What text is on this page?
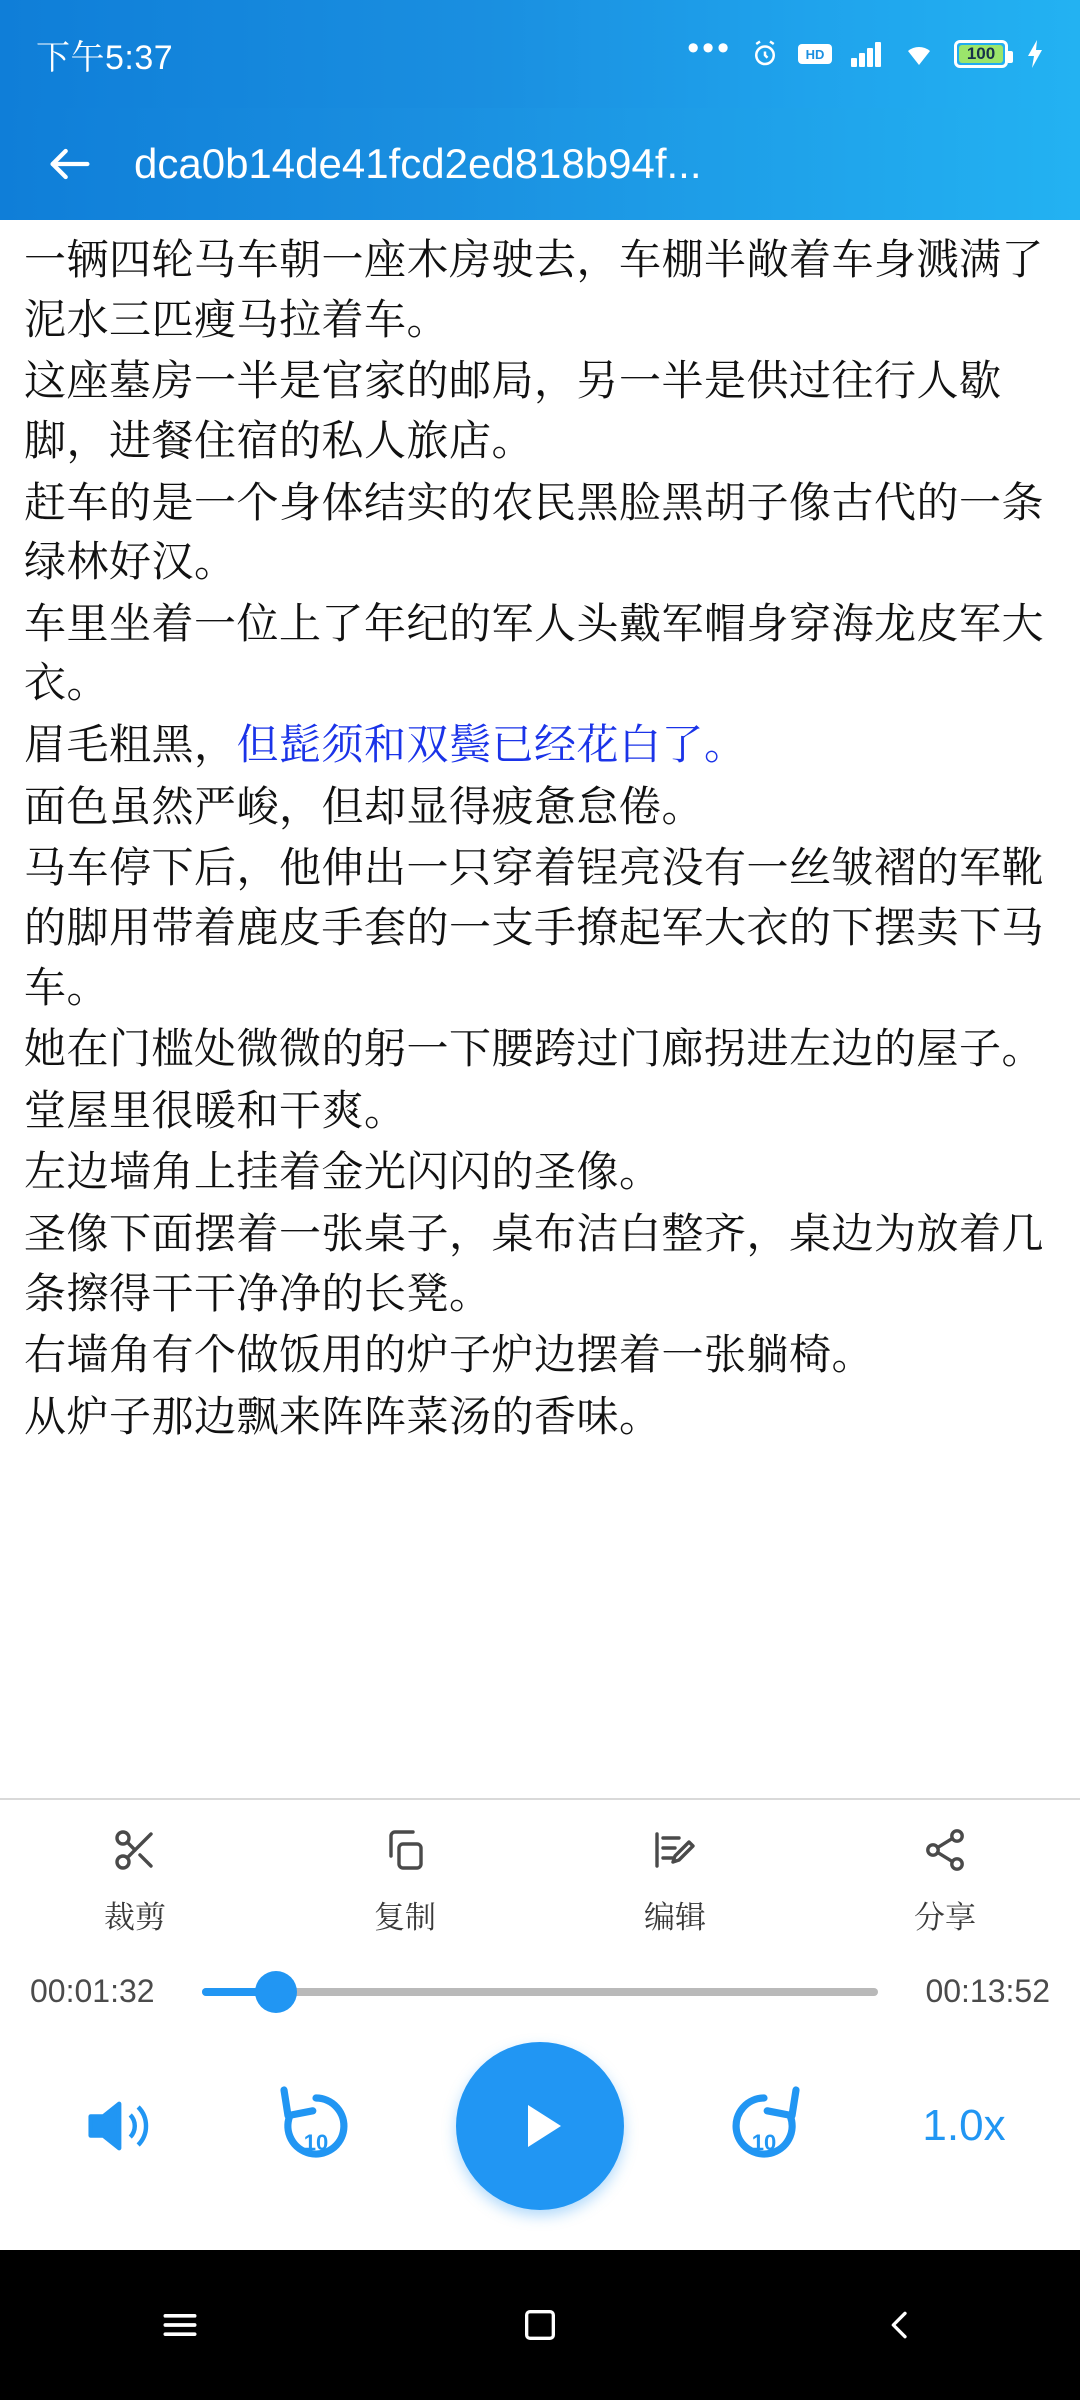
下午5:37	•••	HD	100
dca0b14de41fcd2ed818b94f...

一辆四轮马车朝一座木房驶去，车棚半敞着车身溅满了泥水三匹瘦马拉着车。

这座墓房一半是官家的邮局，另一半是供过往行人歇脚，进餐住宿的私人旅店。

赶车的是一个身体结实的农民黑脸黑胡子像古代的一条绿林好汉。

车里坐着一位上了年纪的军人头戴军帽身穿海龙皮军大衣。

眉毛粗黑，但髭须和双鬓已经花白了。

面色虽然严峻，但却显得疲惫怠倦。

马车停下后，他伸出一只穿着锃亮没有一丝皱褶的军靴的脚用带着鹿皮手套的一支手撩起军大衣的下摆卖下马车。

她在门槛处微微的躬一下腰跨过门廊拐进左边的屋子。

堂屋里很暖和干爽。

左边墙角上挂着金光闪闪的圣像。

圣像下面摆着一张桌子，桌布洁白整齐，桌边为放着几条擦得干干净净的长凳。

右墙角有个做饭用的炉子炉边摆着一张躺椅。

从炉子那边飘来阵阵菜汤的香味。

裁剪	复制	编辑	分享
00:01:32	00:13:52
10	10	1.0x
